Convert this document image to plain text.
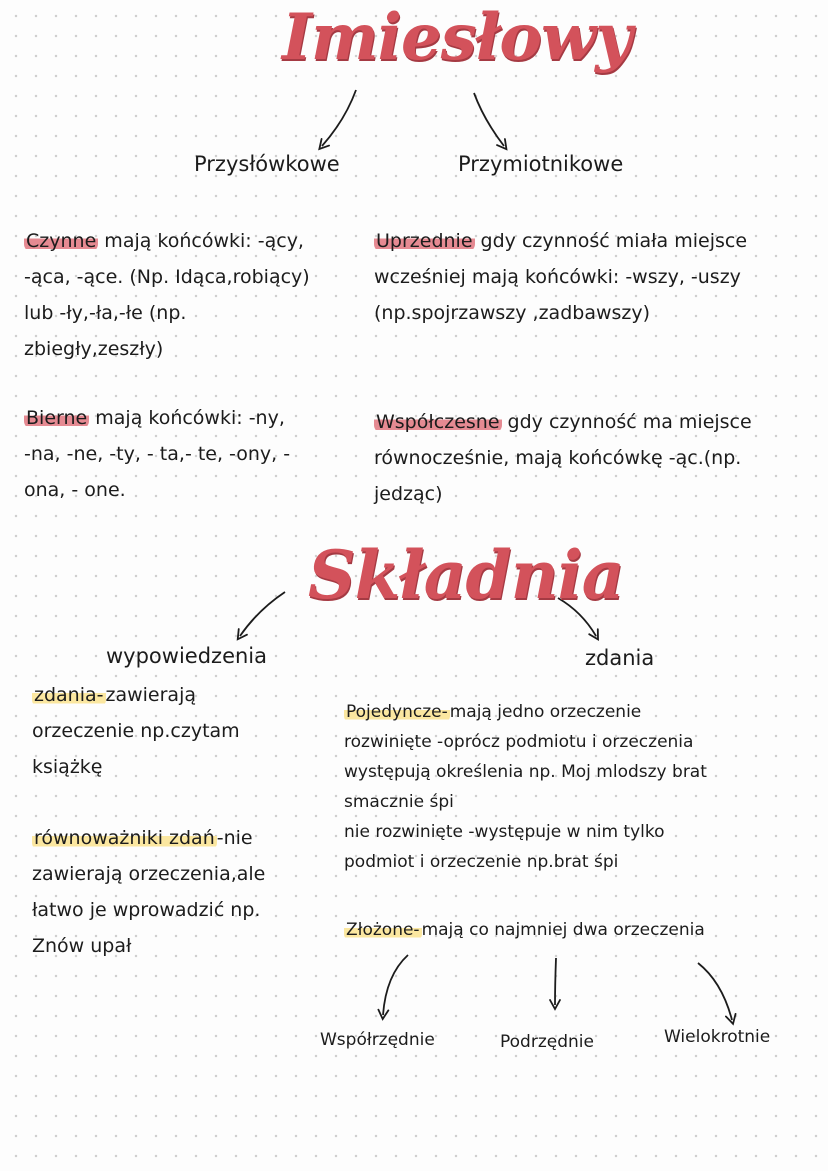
Imiesłowy
Przysłówkowe	Przymiotnikowe
Czynne mają końcówki: -ący,
-ąca, -ące. (Np. Idąca,robiący)
lub -ły,-ła,-łe (np.
zbiegły,zeszły)
Uprzednie gdy czynność miała miejsce
wcześniej mają końcówki: -wszy, -uszy
(np.spojrzawszy ,zadbawszy)
Bierne mają końcówki: -ny,
-na, -ne, -ty, - ta,- te, -ony, -
ona, - one.
Współczesne gdy czynność ma miejsce
równocześnie, mają końcówkę -ąc.(np.
jedząc)
Składnia
wypowiedzenia	zdania
zdania- zawierają
orzeczenie np.czytam
książkę
równoważniki zdań -nie
zawierają orzeczenia,ale
łatwo je wprowadzić np.
Znów upał
Pojedyncze- mają jedno orzeczenie
rozwinięte -oprócz podmiotu i orzeczenia
występują określenia np. Moj mlodszy brat
smacznie śpi
nie rozwinięte -występuje w nim tylko
podmiot i orzeczenie np.brat śpi
Złożone- mają co najmniej dwa orzeczenia
Współrzędnie	Podrzędnie	Wielokrotnie
